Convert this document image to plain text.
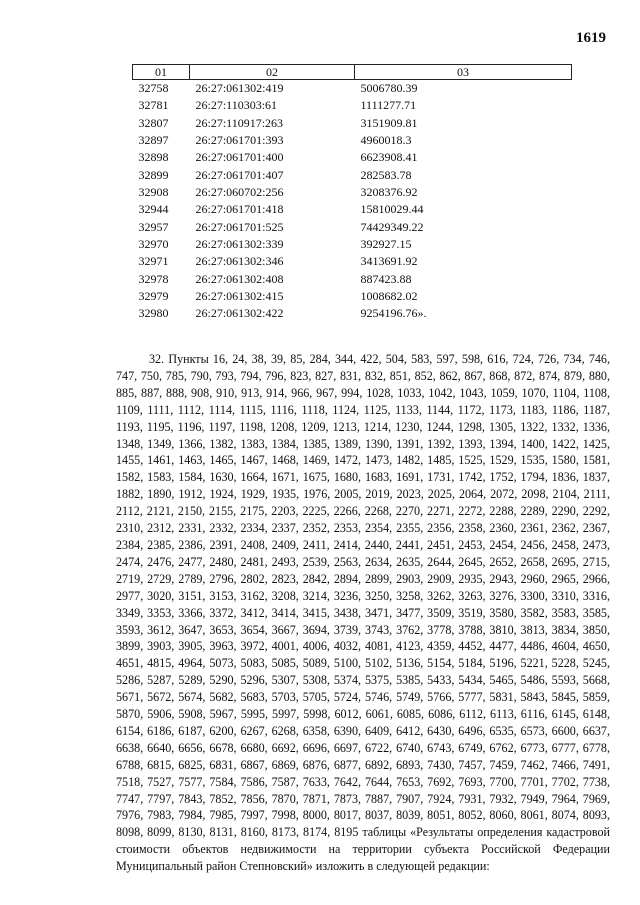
1619
01	02	03
32758	26:27:061302:419	5006780.39
32781	26:27:110303:61	1111277.71
32807	26:27:110917:263	3151909.81
32897	26:27:061701:393	4960018.3
32898	26:27:061701:400	6623908.41
32899	26:27:061701:407	282583.78
32908	26:27:060702:256	3208376.92
32944	26:27:061701:418	15810029.44
32957	26:27:061701:525	74429349.22
32970	26:27:061302:339	392927.15
32971	26:27:061302:346	3413691.92
32978	26:27:061302:408	887423.88
32979	26:27:061302:415	1008682.02
32980	26:27:061302:422	9254196.76».

32. Пункты 16, 24, 38, 39, 85, 284, 344, 422, 504, 583, 597, 598, 616, 724, 726, 734, 746, 747, 750, 785, 790, 793, 794, 796, 823, 827, 831, 832, 851, 852, 862, 867, 868, 872, 874, 879, 880, 885, 887, 888, 908, 910, 913, 914, 966, 967, 994, 1028, 1033, 1042, 1043, 1059, 1070, 1104, 1108, 1109, 1111, 1112, 1114, 1115, 1116, 1118, 1124, 1125, 1133, 1144, 1172, 1173, 1183, 1186, 1187, 1193, 1195, 1196, 1197, 1198, 1208, 1209, 1213, 1214, 1230, 1244, 1298, 1305, 1322, 1332, 1336, 1348, 1349, 1366, 1382, 1383, 1384, 1385, 1389, 1390, 1391, 1392, 1393, 1394, 1400, 1422, 1425, 1455, 1461, 1463, 1465, 1467, 1468, 1469, 1472, 1473, 1482, 1485, 1525, 1529, 1535, 1580, 1581, 1582, 1583, 1584, 1630, 1664, 1671, 1675, 1680, 1683, 1691, 1731, 1742, 1752, 1794, 1836, 1837, 1882, 1890, 1912, 1924, 1929, 1935, 1976, 2005, 2019, 2023, 2025, 2064, 2072, 2098, 2104, 2111, 2112, 2121, 2150, 2155, 2175, 2203, 2225, 2266, 2268, 2270, 2271, 2272, 2288, 2289, 2290, 2292, 2310, 2312, 2331, 2332, 2334, 2337, 2352, 2353, 2354, 2355, 2356, 2358, 2360, 2361, 2362, 2367, 2384, 2385, 2386, 2391, 2408, 2409, 2411, 2414, 2440, 2441, 2451, 2453, 2454, 2456, 2458, 2473, 2474, 2476, 2477, 2480, 2481, 2493, 2539, 2563, 2634, 2635, 2644, 2645, 2652, 2658, 2695, 2715, 2719, 2729, 2789, 2796, 2802, 2823, 2842, 2894, 2899, 2903, 2909, 2935, 2943, 2960, 2965, 2966, 2977, 3020, 3151, 3153, 3162, 3208, 3214, 3236, 3250, 3258, 3262, 3263, 3276, 3300, 3310, 3316, 3349, 3353, 3366, 3372, 3412, 3414, 3415, 3438, 3471, 3477, 3509, 3519, 3580, 3582, 3583, 3585, 3593, 3612, 3647, 3653, 3654, 3667, 3694, 3739, 3743, 3762, 3778, 3788, 3810, 3813, 3834, 3850, 3899, 3903, 3905, 3963, 3972, 4001, 4006, 4032, 4081, 4123, 4359, 4452, 4477, 4486, 4604, 4650, 4651, 4815, 4964, 5073, 5083, 5085, 5089, 5100, 5102, 5136, 5154, 5184, 5196, 5221, 5228, 5245, 5286, 5287, 5289, 5290, 5296, 5307, 5308, 5374, 5375, 5385, 5433, 5434, 5465, 5486, 5593, 5668, 5671, 5672, 5674, 5682, 5683, 5703, 5705, 5724, 5746, 5749, 5766, 5777, 5831, 5843, 5845, 5859, 5870, 5906, 5908, 5967, 5995, 5997, 5998, 6012, 6061, 6085, 6086, 6112, 6113, 6116, 6145, 6148, 6154, 6186, 6187, 6200, 6267, 6268, 6358, 6390, 6409, 6412, 6430, 6496, 6535, 6573, 6600, 6637, 6638, 6640, 6656, 6678, 6680, 6692, 6696, 6697, 6722, 6740, 6743, 6749, 6762, 6773, 6777, 6778, 6788, 6815, 6825, 6831, 6867, 6869, 6876, 6877, 6892, 6893, 7430, 7457, 7459, 7462, 7466, 7491, 7518, 7527, 7577, 7584, 7586, 7587, 7633, 7642, 7644, 7653, 7692, 7693, 7700, 7701, 7702, 7738, 7747, 7797, 7843, 7852, 7856, 7870, 7871, 7873, 7887, 7907, 7924, 7931, 7932, 7949, 7964, 7969, 7976, 7983, 7984, 7985, 7997, 7998, 8000, 8017, 8037, 8039, 8051, 8052, 8060, 8061, 8074, 8093, 8098, 8099, 8130, 8131, 8160, 8173, 8174, 8195 таблицы «Результаты определения кадастровой стоимости объектов недвижимости на территории субъекта Российской Федерации Муниципальный район Степновский» изложить в следующей редакции:
